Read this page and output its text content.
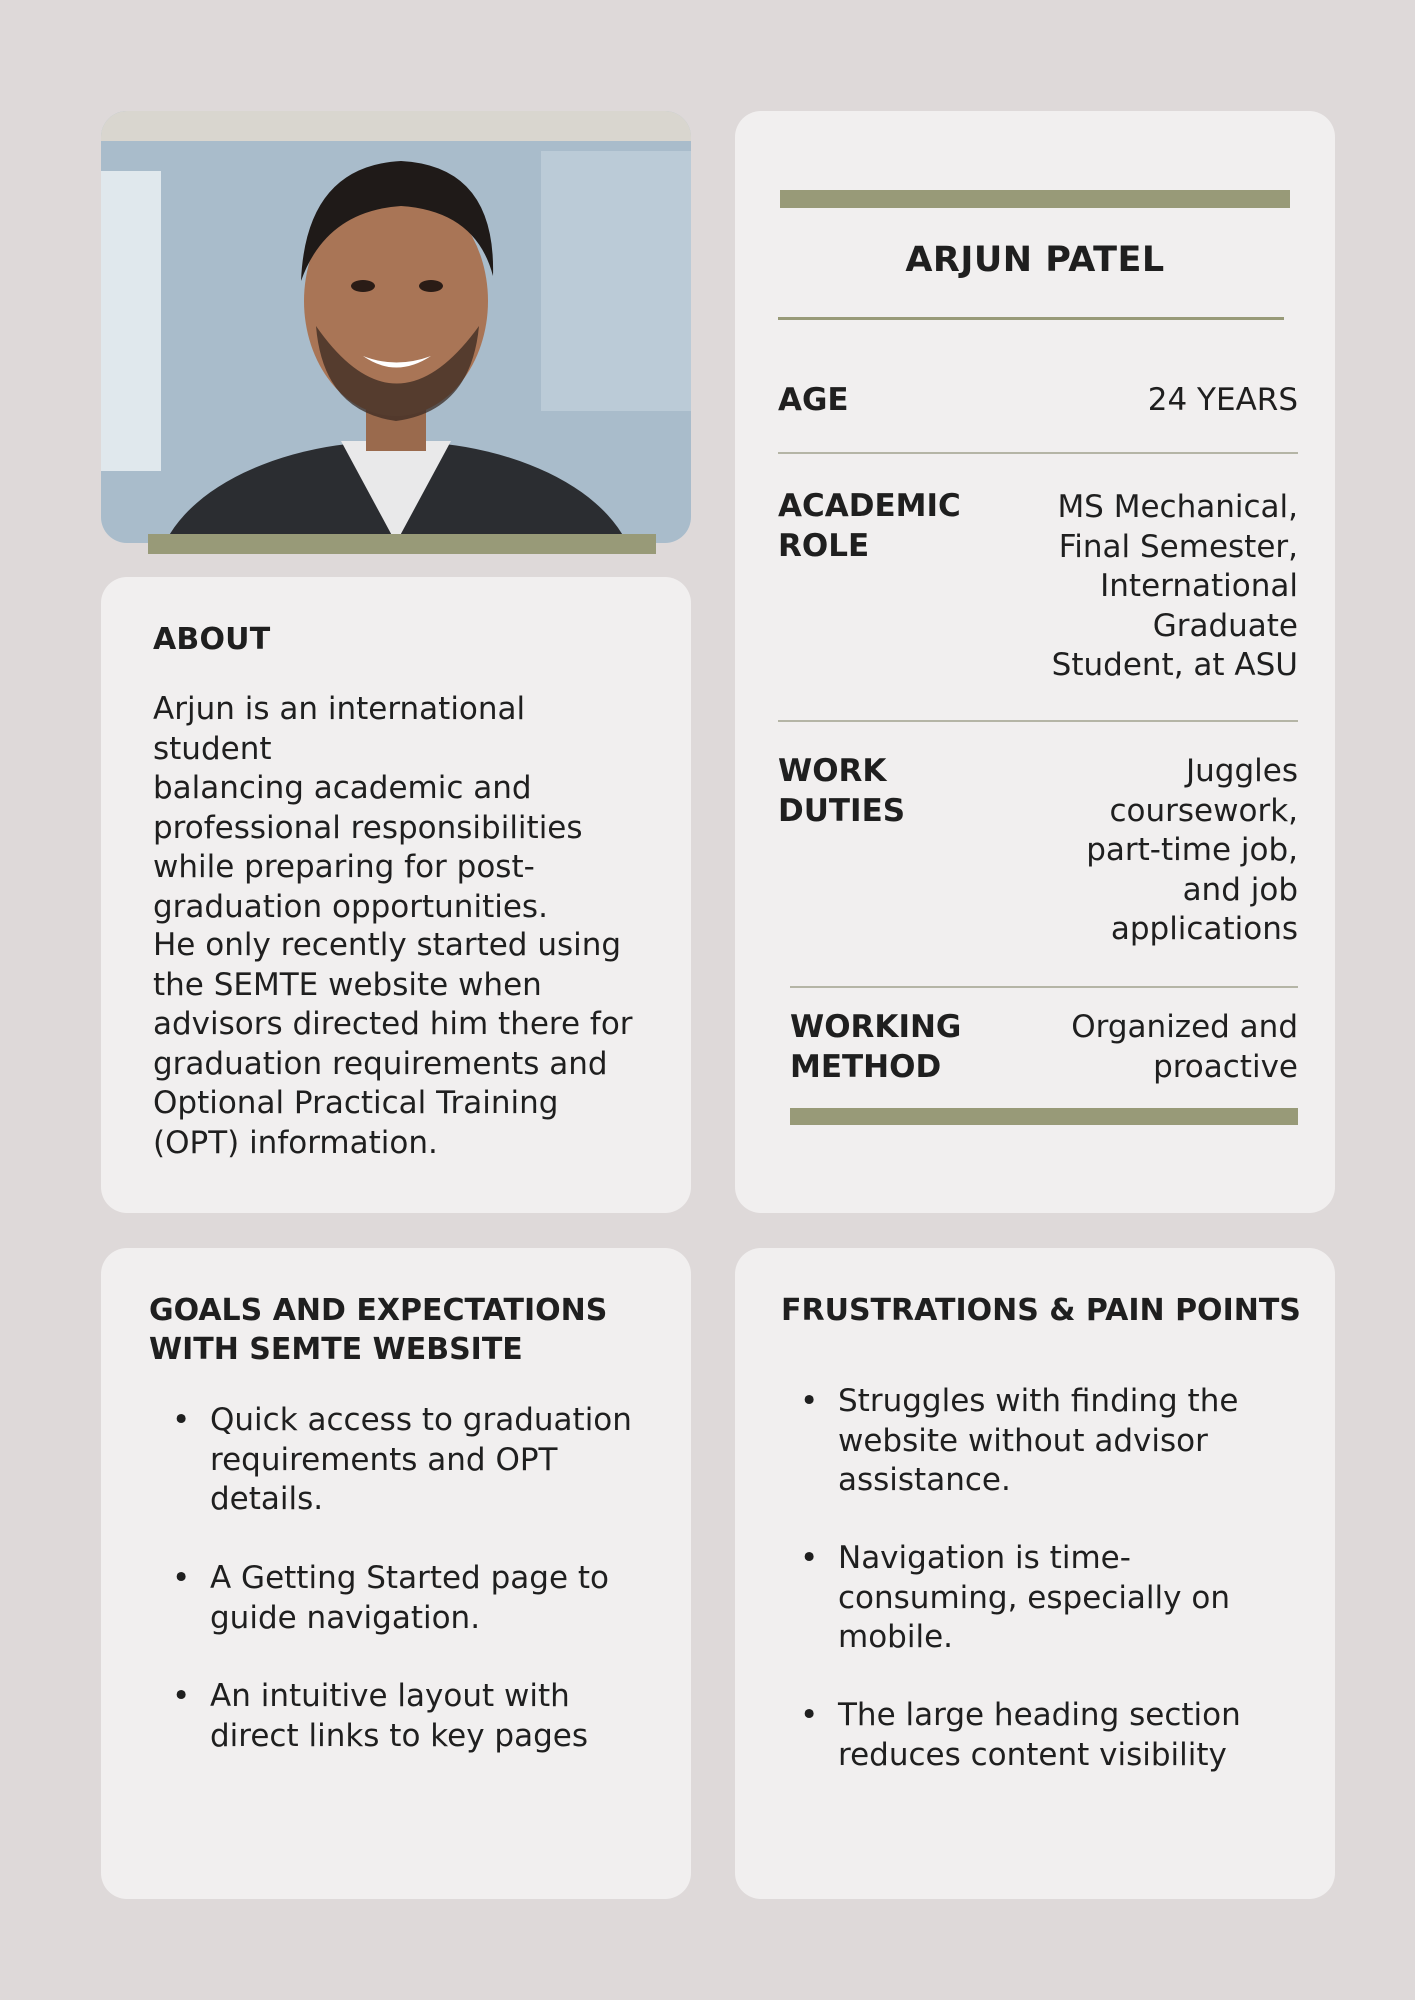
ABOUT
Arjun is an international student
balancing academic and
professional responsibilities
while preparing for post-
graduation opportunities.
He only recently started using
the SEMTE website when
advisors directed him there for
graduation requirements and
Optional Practical Training
(OPT) information.
ARJUN PATEL
AGE	24 YEARS
ACADEMIC
ROLE
MS Mechanical,
Final Semester,
International
Graduate
Student, at ASU
WORK
DUTIES
Juggles
coursework,
part-time job,
and job
applications
WORKING
METHOD
Organized and
proactive
GOALS AND EXPECTATIONS
WITH SEMTE WEBSITE
• Quick access to graduation
requirements and OPT
details.
• A Getting Started page to
guide navigation.
• An intuitive layout with
direct links to key pages
FRUSTRATIONS & PAIN POINTS
• Struggles with finding the
website without advisor
assistance.
• Navigation is time-
consuming, especially on
mobile.
• The large heading section
reduces content visibility
